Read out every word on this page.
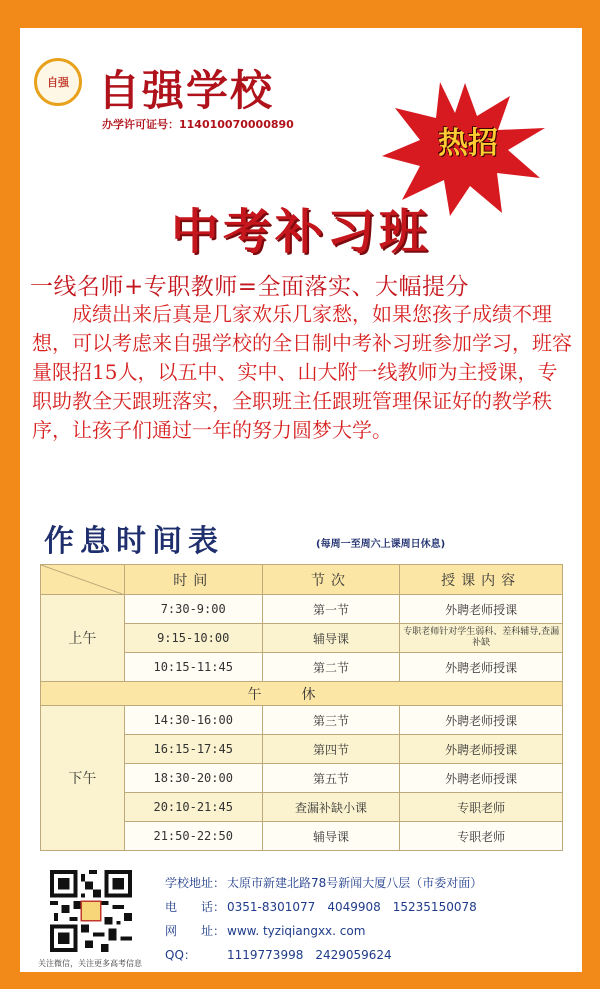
自强 自强学校
办学许可证号：114010070000890
热招
中考补习班
一线名师+专职教师=全面落实、大幅提分
成绩出来后真是几家欢乐几家愁，如果您孩子成绩不理想，可以考虑来自强学校的全日制中考补习班参加学习，班容量限招15人，以五中、实中、山大附一线教师为主授课，专职助教全天跟班落实，全职班主任跟班管理保证好的教学秩序，让孩子们通过一年的努力圆梦大学。
作息时间表	(每周一至周六上课周日休息)
	时间	节次	授课内容
上午	7:30-9:00	第一节	外聘老师授课
	9:15-10:00	辅导课	专职老师针对学生弱科、差科辅导,查漏补缺
	10:15-11:45	第二节	外聘老师授课
午休			
下午	14:30-16:00	第三节	外聘老师授课
	16:15-17:45	第四节	外聘老师授课
	18:30-20:00	第五节	外聘老师授课
	20:10-21:45	查漏补缺小课	专职老师
	21:50-22:50	辅导课	专职老师
关注微信，关注更多高考信息
学校地址： 太原市新建北路78号新闻大厦八层（市委对面）
电　　话： 0351-8301077　4049908　15235150078
网　　址： www. tyziqiangxx. com
QQ：	1119773998　2429059624
